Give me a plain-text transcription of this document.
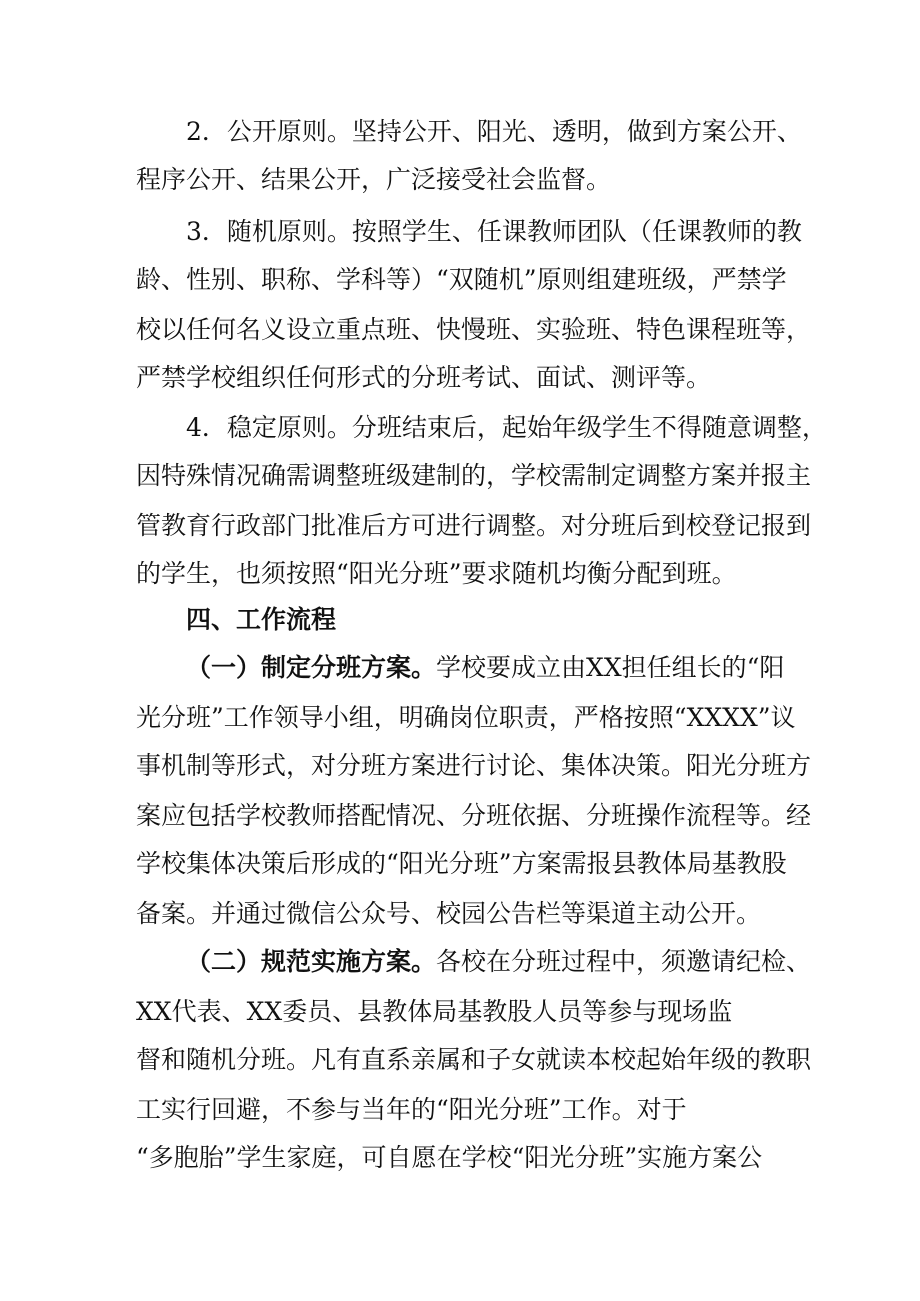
2．公开原则。坚持公开、阳光、透明，做到方案公开、
程序公开、结果公开，广泛接受社会监督。
3．随机原则。按照学生、任课教师团队（任课教师的教
龄、性别、职称、学科等）“双随机”原则组建班级，严禁学
校以任何名义设立重点班、快慢班、实验班、特色课程班等，
严禁学校组织任何形式的分班考试、面试、测评等。
4．稳定原则。分班结束后，起始年级学生不得随意调整，
因特殊情况确需调整班级建制的，学校需制定调整方案并报主
管教育行政部门批准后方可进行调整。对分班后到校登记报到
的学生，也须按照“阳光分班”要求随机均衡分配到班。
四、工作流程
（一）制定分班方案。学校要成立由XX担任组长的“阳
光分班”工作领导小组，明确岗位职责，严格按照“XXXX”议
事机制等形式，对分班方案进行讨论、集体决策。阳光分班方
案应包括学校教师搭配情况、分班依据、分班操作流程等。经
学校集体决策后形成的“阳光分班”方案需报县教体局基教股
备案。并通过微信公众号、校园公告栏等渠道主动公开。
（二）规范实施方案。各校在分班过程中，须邀请纪检、
XX代表、XX委员、县教体局基教股人员等参与现场监
督和随机分班。凡有直系亲属和子女就读本校起始年级的教职
工实行回避，不参与当年的“阳光分班”工作。对于
“多胞胎”学生家庭，可自愿在学校“阳光分班”实施方案公
